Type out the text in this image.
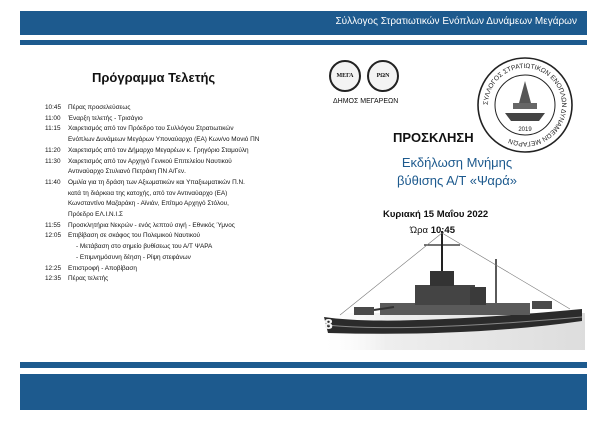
Σύλλογος Στρατιωτικών Ενόπλων Δυνάμεων Μεγάρων
Πρόγραμμα Τελετής
10:45	Πέρας προσελεύσεως
11:00	Έναρξη τελετής - Τρισάγιο
11:15	Χαιρετισμός από τον Πρόεδρο του Συλλόγου Στρατιωτικών
Ενόπλων Δυνάμεων Μεγάρων Υποναύαρχο (ΕΑ) Κων/νο Μονιό ΠΝ
11:20	Χαιρετισμός από τον Δήμαρχο Μεγαρέων κ. Γρηγόριο Σταμούλη
11:30	Χαιρετισμός από τον Αρχηγό Γενικού Επιτελείου Ναυτικού
Αντιναύαρχο Στυλιανό Πετράκη ΠΝ Α/Γεν.
11:40	Ομιλία για τη δράση των Αξιωματικών και Υπαξιωματικών Π.Ν.
κατά τη διάρκεια της κατοχής, από τον Αντιναύαρχο (ΕΑ)
Κωνσταντίνο Μαζαράκη - Αϊνιάν, Επίτιμο Αρχηγό Στόλου,
Πρόεδρο ΕΛ.Ι.Ν.Ι.Σ
11:55	Προσκλητήρια Νεκρών - ενός λεπτού σιγή - Εθνικός Ύμνος
12:05	Επιβίβαση σε σκάφος του Πολεμικού Ναυτικού
- Μετάβαση στο σημείο βυθίσεως του Α/Τ ΨΑΡΑ
- Επιμνημόσυνη δέηση - Ρίψη στεφάνων
12:25	Επιστροφή - Αποβίβαση
12:35	Πέρας τελετής
ΜΕΓΑ	PΩN
ΔΗΜΟΣ ΜΕΓΑΡΕΩΝ	ΣΥΛΛΟΓΟΣ ΣΤΡΑΤΙΩΤΙΚΩΝ ΕΝΟΠΛΩΝ ΔΥΝΑΜΕΩΝ ΜΕΓΑΡΩΝ
2019
ΠΡΟΣΚΛΗΣΗ
Εκδήλωση Μνήμης
βύθισης Α/Τ «Ψαρά»
Κυριακή 15 Μαΐου 2022
Ώρα 10:45
8
